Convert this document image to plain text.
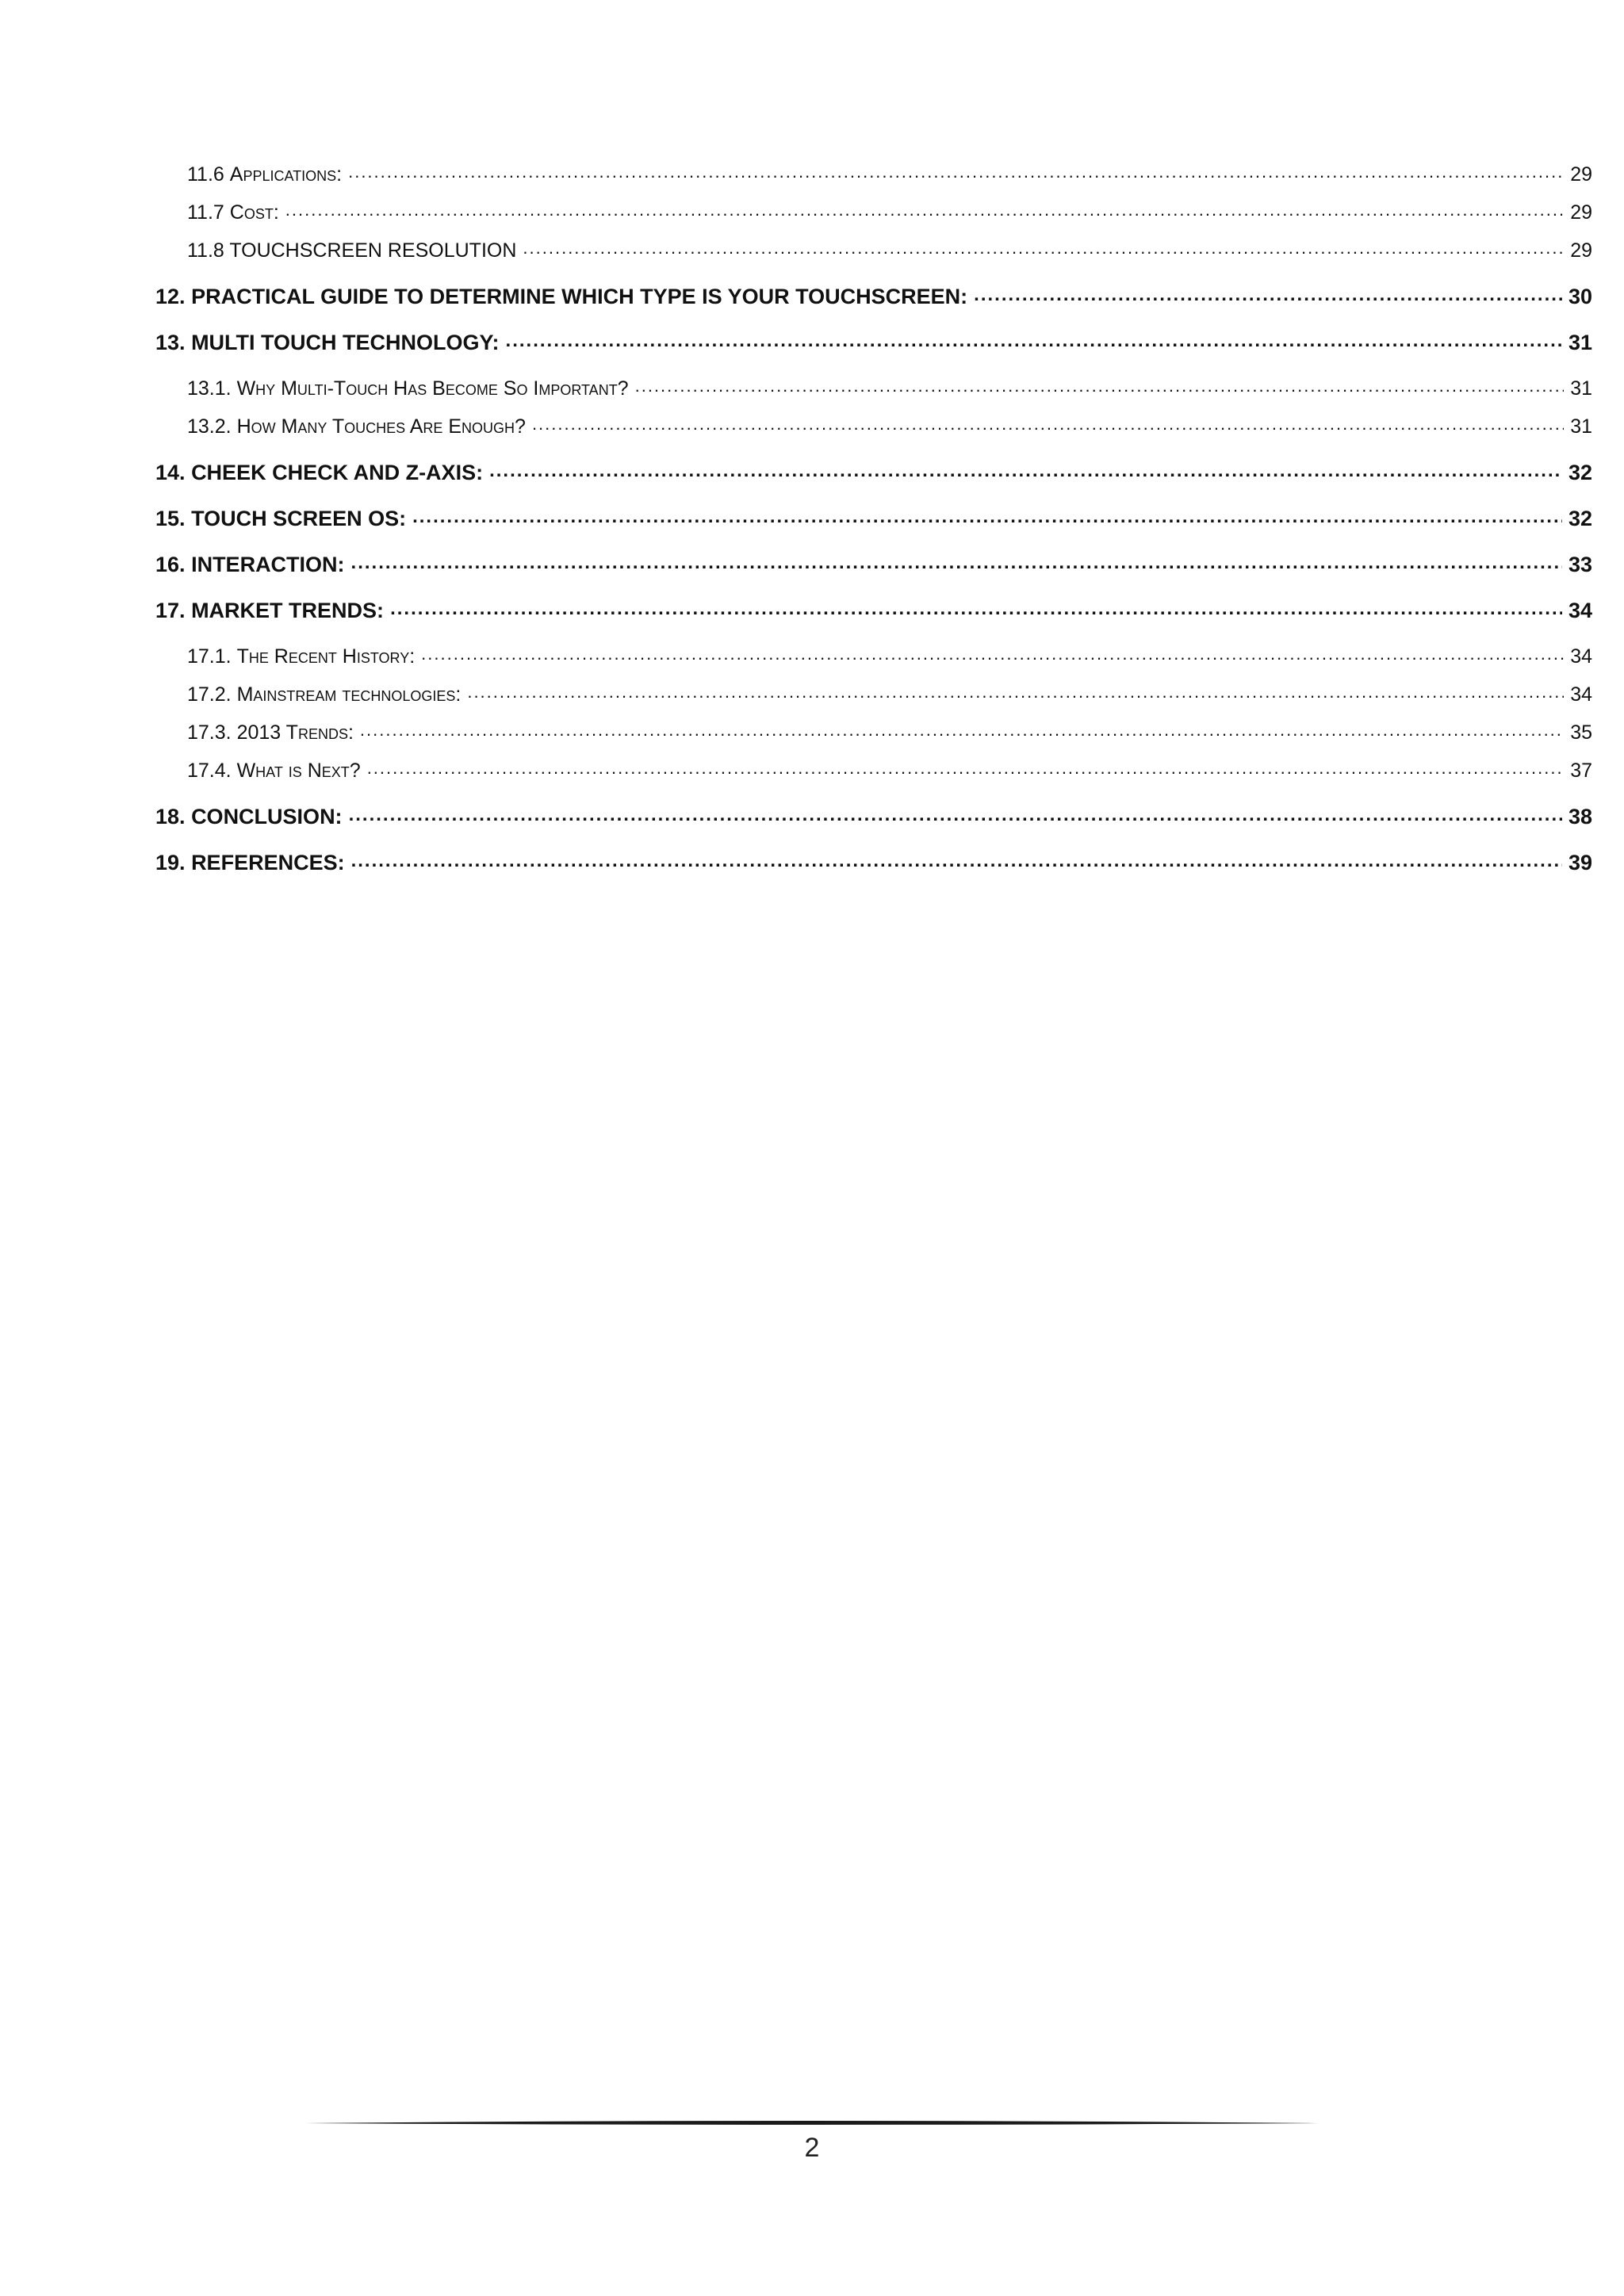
11.6 Applications: .....	29
11.7 Cost: .....	29
11.8 TOUCHSCREEN RESOLUTION .....	29
12. PRACTICAL GUIDE TO DETERMINE WHICH TYPE IS YOUR TOUCHSCREEN: .....	30
13. MULTI TOUCH TECHNOLOGY: .....	31
13.1. Why Multi-Touch Has Become So Important? .....	31
13.2. How Many Touches Are Enough? .....	31
14. CHEEK CHECK AND Z-AXIS: .....	32
15. TOUCH SCREEN OS: .....	32
16. INTERACTION: .....	33
17. MARKET TRENDS: .....	34
17.1. The Recent History: .....	34
17.2. Mainstream technologies: .....	34
17.3. 2013 Trends: .....	35
17.4. What is Next? .....	37
18. CONCLUSION: .....	38
19. REFERENCES: .....	39
2
